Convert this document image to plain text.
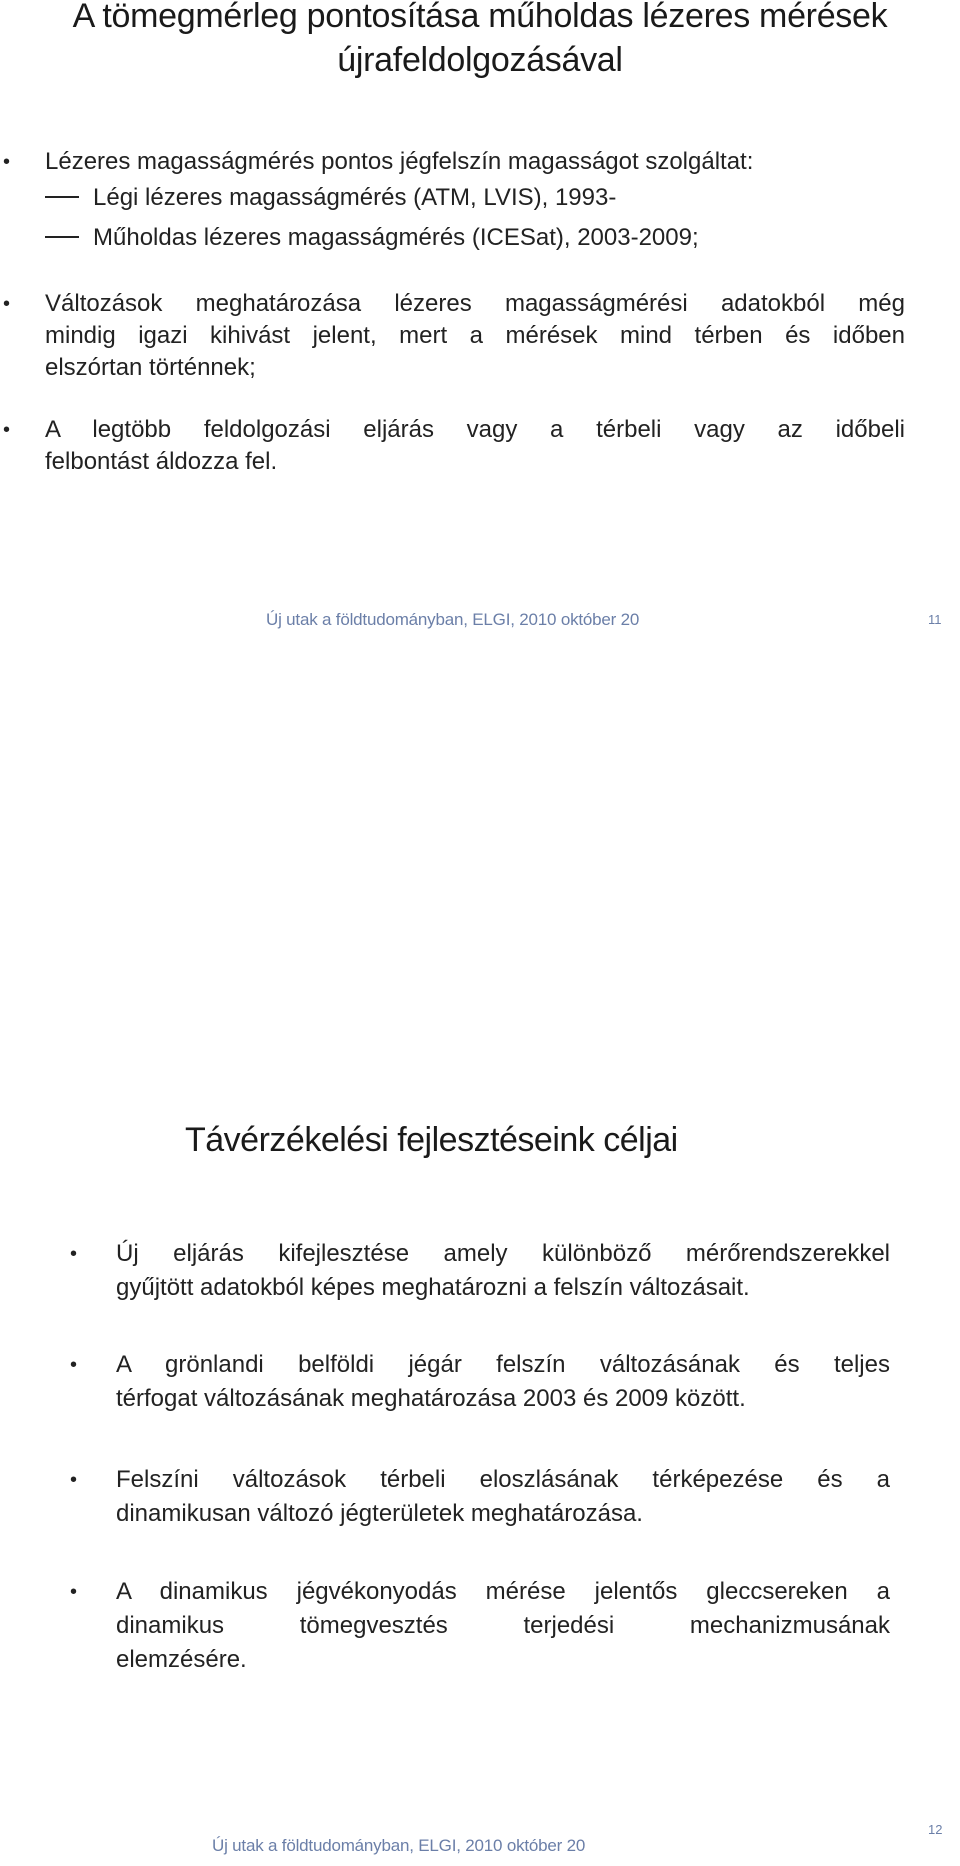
A tömegmérleg pontosítása műholdas lézeres mérések
újrafeldolgozásával
• Lézeres magasságmérés pontos jégfelszín magasságot szolgáltat:
Légi lézeres magasságmérés (ATM, LVIS), 1993-
Műholdas lézeres magasságmérés (ICESat), 2003-2009;
• Változások meghatározása lézeres magasságmérési adatokból még
mindig igazi kihivást jelent, mert a mérések mind térben és időben
elszórtan történnek;
• A legtöbb feldolgozási eljárás vagy a térbeli vagy az időbeli
felbontást áldozza fel.
Új utak a földtudományban, ELGI, 2010 október 20	11
Távérzékelési fejlesztéseink céljai
• Új eljárás kifejlesztése amely különböző mérőrendszerekkel
gyűjtött adatokból képes meghatározni a felszín változásait.
• A grönlandi belföldi jégár felszín változásának és teljes
térfogat változásának meghatározása 2003 és 2009 között.
• Felszíni változások térbeli eloszlásának térképezése és a
dinamikusan változó jégterületek meghatározása.
• A dinamikus jégvékonyodás mérése jelentős gleccsereken a
dinamikus tömegvesztés terjedési mechanizmusának
elemzésére.
Új utak a földtudományban, ELGI, 2010 október 20
12
